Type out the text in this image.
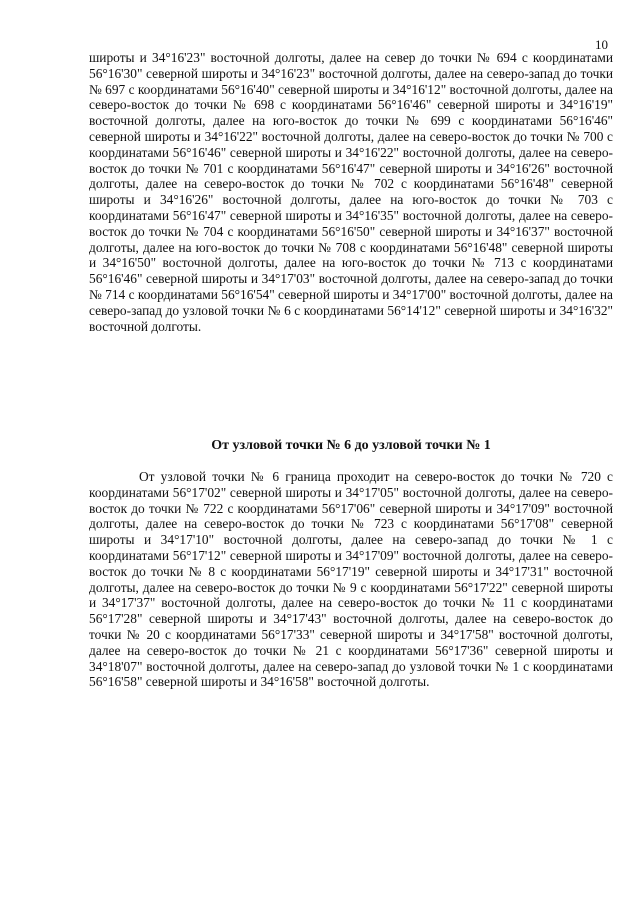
10

широты и 34°16'23" восточной долготы, далее на север до точки № 694 с координатами 56°16'30" северной широты и 34°16'23" восточной долготы, далее на северо-запад до точки № 697 с координатами 56°16'40" северной широты и 34°16'12" восточной долготы, далее на северо-восток до точки № 698 с координатами 56°16'46" северной широты и 34°16'19" восточной долготы, далее на юго-восток до точки № 699 с координатами 56°16'46" северной широты и 34°16'22" восточной долготы, далее на северо-восток до точки № 700 с координатами 56°16'46" северной широты и 34°16'22" восточной долготы, далее на северо-восток до точки № 701 с координатами 56°16'47" северной широты и 34°16'26" восточной долготы, далее на северо-восток до точки № 702 с координатами 56°16'48" северной широты и 34°16'26" восточной долготы, далее на юго-восток до точки № 703 с координатами 56°16'47" северной широты и 34°16'35" восточной долготы, далее на северо-восток до точки № 704 с координатами 56°16'50" северной широты и 34°16'37" восточной долготы, далее на юго-восток до точки № 708 с координатами 56°16'48" северной широты и 34°16'50" восточной долготы, далее на юго-восток до точки № 713 с координатами 56°16'46" северной широты и 34°17'03" восточной долготы, далее на северо-запад до точки № 714 с координатами 56°16'54" северной широты и 34°17'00" восточной долготы, далее на северо-запад до узловой точки № 6 с координатами 56°14'12" северной широты и 34°16'32" восточной долготы.

От узловой точки № 6 до узловой точки № 1

От узловой точки № 6 граница проходит на северо-восток до точки № 720 с координатами 56°17'02" северной широты и 34°17'05" восточной долготы, далее на северо-восток до точки № 722 с координатами 56°17'06" северной широты и 34°17'09" восточной долготы, далее на северо-восток до точки № 723 с координатами 56°17'08" северной широты и 34°17'10" восточной долготы, далее на северо-запад до точки № 1 с координатами 56°17'12" северной широты и 34°17'09" восточной долготы, далее на северо-восток до точки № 8 с координатами 56°17'19" северной широты и 34°17'31" восточной долготы, далее на северо-восток до точки № 9 с координатами 56°17'22" северной широты и 34°17'37" восточной долготы, далее на северо-восток до точки № 11 с координатами 56°17'28" северной широты и 34°17'43" восточной долготы, далее на северо-восток до точки № 20 с координатами 56°17'33" северной широты и 34°17'58" восточной долготы, далее на северо-восток до точки № 21 с координатами 56°17'36" северной широты и 34°18'07" восточной долготы, далее на северо-запад до узловой точки № 1 с координатами 56°16'58" северной широты и 34°16'58" восточной долготы.
